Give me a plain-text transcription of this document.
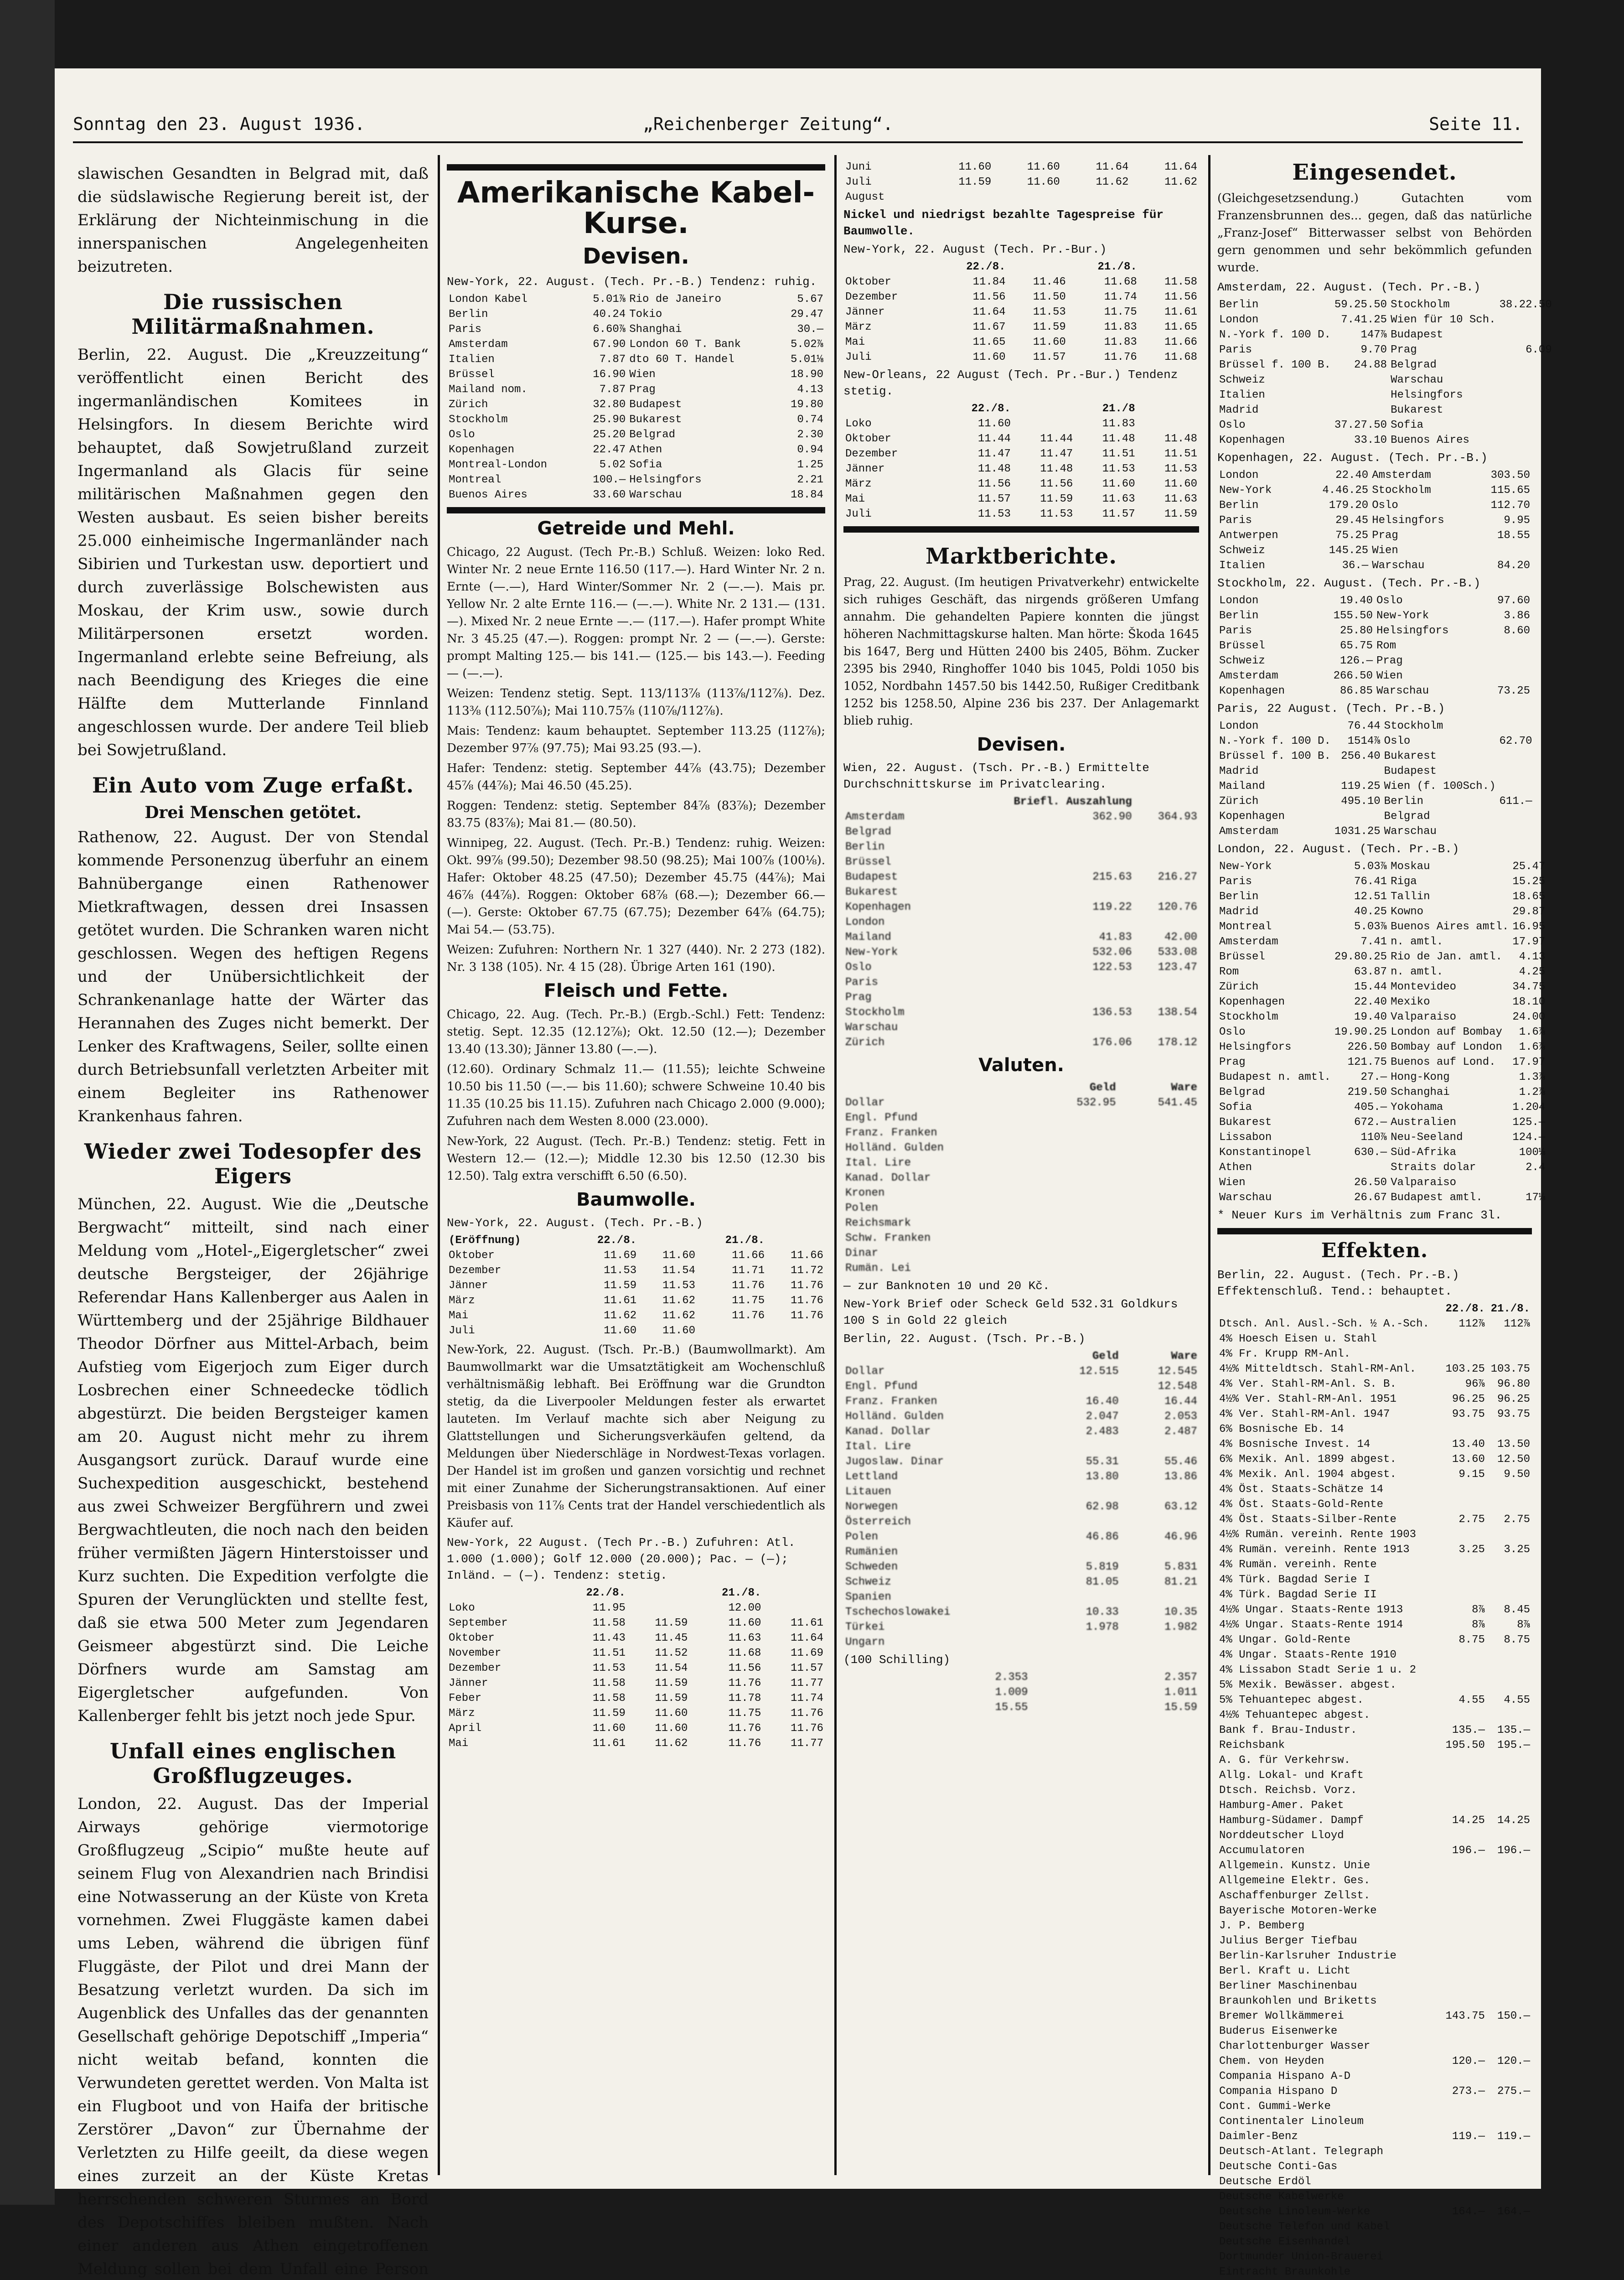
Sonntag den 23. August 1936.	„Reichenberger Zeitung“.	Seite 11.

slawischen Gesandten in Belgrad mit, daß die südslawische Regierung bereit ist, der Erklärung der Nichteinmischung in die innerspanischen Angelegenheiten beizutreten.

Die russischen Militärmaßnahmen.

Berlin, 22. August. Die „Kreuzzeitung“ veröffentlicht einen Bericht des ingermanländischen Komitees in Helsingfors. In diesem Berichte wird behauptet, daß Sowjetrußland zurzeit Ingermanland als Glacis für seine militärischen Maßnahmen gegen den Westen ausbaut. Es seien bisher bereits 25.000 einheimische Ingermanländer nach Sibirien und Turkestan usw. deportiert und durch zuverlässige Bolschewisten aus Moskau, der Krim usw., sowie durch Militärpersonen ersetzt worden. Ingermanland erlebte seine Befreiung, als nach Beendigung des Krieges die eine Hälfte dem Mutterlande Finnland angeschlossen wurde. Der andere Teil blieb bei Sowjetrußland.

Ein Auto vom Zuge erfaßt.
Drei Menschen getötet.

Rathenow, 22. August. Der von Stendal kommende Personenzug überfuhr an einem Bahnübergange einen Rathenower Mietkraftwagen, dessen drei Insassen getötet wurden. Die Schranken waren nicht geschlossen. Wegen des heftigen Regens und der Unübersichtlichkeit der Schrankenanlage hatte der Wärter das Herannahen des Zuges nicht bemerkt. Der Lenker des Kraftwagens, Seiler, sollte einen durch Betriebsunfall verletzten Arbeiter mit einem Begleiter ins Rathenower Krankenhaus fahren.

Wieder zwei Todesopfer des Eigers

München, 22. August. Wie die „Deutsche Bergwacht“ mitteilt, sind nach einer Meldung vom „Hotel-„Eigergletscher“ zwei deutsche Bergsteiger, der 26jährige Referendar Hans Kallenberger aus Aalen in Württemberg und der 25jährige Bildhauer Theodor Dörfner aus Mittel-Arbach, beim Aufstieg vom Eigerjoch zum Eiger durch Losbrechen einer Schneedecke tödlich abgestürzt. Die beiden Bergsteiger kamen am 20. August nicht mehr zu ihrem Ausgangsort zurück. Darauf wurde eine Suchexpedition ausgeschickt, bestehend aus zwei Schweizer Bergführern und zwei Bergwachtleuten, die noch nach den beiden früher vermißten Jägern Hinterstoisser und Kurz suchten. Die Expedition verfolgte die Spuren der Verunglückten und stellte fest, daß sie etwa 500 Meter zum Jegendaren Geismeer abgestürzt sind. Die Leiche Dörfners wurde am Samstag am Eigergletscher aufgefunden. Von Kallenberger fehlt bis jetzt noch jede Spur.

Unfall eines englischen Großflugzeuges.

London, 22. August. Das der Imperial Airways gehörige viermotorige Großflugzeug „Scipio“ mußte heute auf seinem Flug von Alexandrien nach Brindisi eine Notwasserung an der Küste von Kreta vornehmen. Zwei Fluggäste kamen dabei ums Leben, während die übrigen fünf Fluggäste, der Pilot und drei Mann der Besatzung verletzt wurden. Da sich im Augenblick des Unfalles das der genannten Gesellschaft gehörige Depotschiff „Imperia“ nicht weitab befand, konnten die Verwundeten gerettet werden. Von Malta ist ein Flugboot und von Haifa der britische Zerstörer „Davon“ zur Übernahme der Verletzten zu Hilfe geeilt, da diese wegen eines zurzeit an der Küste Kretas herrschenden schweren Sturmes an Bord des Depotschiffes bleiben mußten. Nach einer anderen aus Athen eingetroffenen Meldung sollen bei dem Unfall eine Person

Amerikanische Kabel-Kurse.
Devisen.
New-York, 22. August. (Tech. Pr.-B.) Tendenz: ruhig.
London Kabel	5.01⅞	Rio de Janeiro	5.67
Berlin	40.24	Tokio	29.47
Paris	6.60⅞	Shanghai	30.—
Amsterdam	67.90	London 60 T. Bank	5.02⅞
Italien	7.87	dto 60 T. Handel	5.01⅛
Brüssel	16.90	Wien	18.90
Mailand nom.	7.87	Prag	4.13
Zürich	32.80	Budapest	19.80
Stockholm	25.90	Bukarest	0.74
Oslo	25.20	Belgrad	2.30
Kopenhagen	22.47	Athen	0.94
Montreal-London	5.02	Sofia	1.25
Montreal	100.—	Helsingfors	2.21
Buenos Aires	33.60	Warschau	18.84
Getreide und Mehl.

Chicago, 22 August. (Tech Pr.-B.) Schluß. Weizen: loko Red. Winter Nr. 2 neue Ernte 116.50 (117.—). Hard Winter Nr. 2 n. Ernte (—.—), Hard Winter/Sommer Nr. 2 (—.—). Mais pr. Yellow Nr. 2 alte Ernte 116.— (—.—). White Nr. 2 131.— (131.—). Mixed Nr. 2 neue Ernte —.— (117.—). Hafer prompt White Nr. 3 45.25 (47.—). Roggen: prompt Nr. 2 — (—.—). Gerste: prompt Malting 125.— bis 141.— (125.— bis 143.—). Feeding — (—.—).

Weizen: Tendenz stetig. Sept. 113/113⅞ (113⅞/112⅞). Dez. 113⅜ (112.50⅞); Mai 110.75⅞ (110⅞/112⅞).

Mais: Tendenz: kaum behauptet. September 113.25 (112⅞); Dezember 97⅞ (97.75); Mai 93.25 (93.—).

Hafer: Tendenz: stetig. September 44⅞ (43.75); Dezember 45⅞ (44⅞); Mai 46.50 (45.25).

Roggen: Tendenz: stetig. September 84⅞ (83⅞); Dezember 83.75 (83⅞); Mai 81.— (80.50).

Winnipeg, 22. August. (Tech. Pr.-B.) Tendenz: ruhig. Weizen: Okt. 99⅞ (99.50); Dezember 98.50 (98.25); Mai 100⅞ (100⅛). Hafer: Oktober 48.25 (47.50); Dezember 45.75 (44⅞); Mai 46⅞ (44⅞). Roggen: Oktober 68⅞ (68.—); Dezember 66.— (—). Gerste: Oktober 67.75 (67.75); Dezember 64⅞ (64.75); Mai 54.— (53.75).

Weizen: Zufuhren: Northern Nr. 1 327 (440). Nr. 2 273 (182). Nr. 3 138 (105). Nr. 4 15 (28). Übrige Arten 161 (190).

Fleisch und Fette.

Chicago, 22. Aug. (Tech. Pr.-B.) (Ergb.-Schl.) Fett: Tendenz: stetig. Sept. 12.35 (12.12⅞); Okt. 12.50 (12.—); Dezember 13.40 (13.30); Jänner 13.80 (—.—).

(12.60). Ordinary Schmalz 11.— (11.55); leichte Schweine 10.50 bis 11.50 (—.— bis 11.60); schwere Schweine 10.40 bis 11.35 (10.25 bis 11.15). Zufuhren nach Chicago 2.000 (9.000); Zufuhren nach dem Westen 8.000 (23.000).

New-York, 22 August. (Tech. Pr.-B.) Tendenz: stetig. Fett in Western 12.— (12.—); Middle 12.30 bis 12.50 (12.30 bis 12.50). Talg extra verschifft 6.50 (6.50).

Baumwolle.
New-York, 22. August. (Tech. Pr.-B.)
(Eröffnung)	22./8.		21./8.	
Oktober	11.69	11.60	11.66	11.66
Dezember	11.53	11.54	11.71	11.72
Jänner	11.59	11.53	11.76	11.76
März	11.61	11.62	11.75	11.76
Mai	11.62	11.62	11.76	11.76
Juli	11.60	11.60		

New-York, 22. August. (Tsch. Pr.-B.) (Baumwollmarkt). Am Baumwollmarkt war die Umsatztätigkeit am Wochenschluß verhältnismäßig lebhaft. Bei Eröffnung war die Grundton stetig, da die Liverpooler Meldungen fester als erwartet lauteten. Im Verlauf machte sich aber Neigung zu Glattstellungen und Sicherungsverkäufen geltend, da Meldungen über Niederschläge in Nordwest-Texas vorlagen. Der Handel ist im großen und ganzen vorsichtig und rechnet mit einer Zunahme der Sicherungstransaktionen. Auf einer Preisbasis von 11⅞ Cents trat der Handel verschiedentlich als Käufer auf.

New-York, 22 August. (Tech Pr.-B.) Zufuhren: Atl. 1.000 (1.000); Golf 12.000 (20.000); Pac. — (—); Inländ. — (—). Tendenz: stetig.
	22./8.		21./8.	
Loko	11.95		12.00	
September	11.58	11.59	11.60	11.61
Oktober	11.43	11.45	11.63	11.64
November	11.51	11.52	11.68	11.69
Dezember	11.53	11.54	11.56	11.57
Jänner	11.58	11.59	11.76	11.77
Feber	11.58	11.59	11.78	11.74
März	11.59	11.60	11.75	11.76
April	11.60	11.60	11.76	11.76
Mai	11.61	11.62	11.76	11.77
Juni	11.60	11.60	11.64	11.64
Juli	11.59	11.60	11.62	11.62
August				
Nickel und niedrigst bezahlte Tagespreise für Baumwolle.
New-York, 22. August (Tech. Pr.-Bur.)
	22./8.		21./8.	
Oktober	11.84	11.46	11.68	11.58
Dezember	11.56	11.50	11.74	11.56
Jänner	11.64	11.53	11.75	11.61
März	11.67	11.59	11.83	11.65
Mai	11.65	11.60	11.83	11.66
Juli	11.60	11.57	11.76	11.68
New-Orleans, 22 August (Tech. Pr.-Bur.) Tendenz stetig.
	22./8.		21./8	
Loko	11.60		11.83	
Oktober	11.44	11.44	11.48	11.48
Dezember	11.47	11.47	11.51	11.51
Jänner	11.48	11.48	11.53	11.53
März	11.56	11.56	11.60	11.60
Mai	11.57	11.59	11.63	11.63
Juli	11.53	11.53	11.57	11.59
Marktberichte.

Prag, 22. August. (Im heutigen Privatverkehr) entwickelte sich ruhiges Geschäft, das nirgends größeren Umfang annahm. Die gehandelten Papiere konnten die jüngst höheren Nachmittagskurse halten. Man hörte: Škoda 1645 bis 1647, Berg und Hütten 2400 bis 2405, Böhm. Zucker 2395 bis 2940, Ringhoffer 1040 bis 1045, Poldi 1050 bis 1052, Nordbahn 1457.50 bis 1442.50, Rußiger Creditbank 1252 bis 1258.50, Alpine 236 bis 237. Der Anlagemarkt blieb ruhig.

Devisen.
Wien, 22. August. (Tsch. Pr.-B.) Ermittelte Durchschnittskurse im Privatclearing.
	Briefl. Auszahlung	
Amsterdam	362.90	364.93
Belgrad		
Berlin		
Brüssel		
Budapest	215.63	216.27
Bukarest		
Kopenhagen	119.22	120.76
London		
Mailand	41.83	42.00
New-York	532.06	533.08
Oslo	122.53	123.47
Paris		
Prag		
Stockholm	136.53	138.54
Warschau		
Zürich	176.06	178.12
Valuten.
	Geld	Ware
Dollar	532.95	541.45
Engl. Pfund		
Franz. Franken		
Holländ. Gulden		
Ital. Lire		
Kanad. Dollar		
Kronen		
Polen		
Reichsmark		
Schw. Franken		
Dinar		
Rumän. Lei		
— zur Banknoten 10 und 20 Kč.
New-York Brief oder Scheck Geld 532.31 Goldkurs 100 S in Gold 22 gleich
Berlin, 22. August. (Tsch. Pr.-B.)
	Geld	Ware
Dollar	12.515	12.545
Engl. Pfund		12.548
Franz. Franken	16.40	16.44
Holländ. Gulden	2.047	2.053
Kanad. Dollar	2.483	2.487
Ital. Lire		
Jugoslaw. Dinar	55.31	55.46
Lettland	13.80	13.86
Litauen		
Norwegen	62.98	63.12
Österreich		
Polen	46.86	46.96
Rumänien		
Schweden	5.819	5.831
Schweiz	81.05	81.21
Spanien		
Tschechoslowakei	10.33	10.35
Türkei	1.978	1.982
Ungarn		
(100 Schilling)
	2.353	2.357
	1.009	1.011
	15.55	15.59
Eingesendet.

(Gleichgesetzsendung.) Gutachten vom Franzensbrunnen des... gegen, daß das natürliche „Franz-Josef“ Bitterwasser selbst von Behörden gern genommen und sehr bekömmlich gefunden wurde.

Amsterdam, 22. August. (Tech. Pr.-B.)
Berlin	59.25.50	Stockholm	38.22.50
London	7.41.25	Wien für 10 Sch.	
N.-York f. 100 D.	147⅞	Budapest	
Paris	9.70	Prag	6.09
Brüssel f. 100 B.	24.88	Belgrad	
Schweiz		Warschau	
Italien		Helsingfors	
Madrid		Bukarest	
Oslo	37.27.50	Sofia	
Kopenhagen	33.10	Buenos Aires	
Kopenhagen, 22. August. (Tech. Pr.-B.)
London	22.40	Amsterdam	303.50
New-York	4.46.25	Stockholm	115.65
Berlin	179.20	Oslo	112.70
Paris	29.45	Helsingfors	9.95
Antwerpen	75.25	Prag	18.55
Schweiz	145.25	Wien	
Italien	36.—	Warschau	84.20
Stockholm, 22. August. (Tech. Pr.-B.)
London	19.40	Oslo	97.60
Berlin	155.50	New-York	3.86
Paris	25.80	Helsingfors	8.60
Brüssel	65.75	Rom	
Schweiz	126.—	Prag	
Amsterdam	266.50	Wien	
Kopenhagen	86.85	Warschau	73.25
Paris, 22 August. (Tech. Pr.-B.)
London	76.44	Stockholm	
N.-York f. 100 D.	1514⅞	Oslo	62.70
Brüssel f. 100 B.	256.40	Bukarest	
Madrid		Budapest	
Mailand	119.25	Wien (f. 100Sch.)	
Zürich	495.10	Berlin	611.—
Kopenhagen		Belgrad	
Amsterdam	1031.25	Warschau	
London, 22. August. (Tech. Pr.-B.)
New-York	5.03⅞	Moskau	25.47
Paris	76.41	Riga	15.25
Berlin	12.51	Tallin	18.65
Madrid	40.25	Kowno	29.87
Montreal	5.03⅞	Buenos Aires amtl.	16.95
Amsterdam	7.41	n. amtl.	17.97
Brüssel	29.80.25	Rio de Jan. amtl.	4.13
Rom	63.87	n. amtl.	4.25
Zürich	15.44	Montevideo	34.75
Kopenhagen	22.40	Mexiko	18.10
Stockholm	19.40	Valparaiso	24.00
Oslo	19.90.25	London auf Bombay	1.6⅞
Helsingfors	226.50	Bombay auf London	1.6⅞
Prag	121.75	Buenos auf Lond.	17.97
Budapest n. amtl.	27.—	Hong-Kong	1.3⅞
Belgrad	219.50	Schanghai	1.2⅞
Sofia	405.—	Yokohama	1.204
Bukarest	672.—	Australien	125.—
Lissabon	110⅞	Neu-Seeland	124.—
Konstantinopel	630.—	Süd-Afrika	100⅛
Athen		Straits dolar	2.4
Wien	26.50	Valparaiso	
Warschau	26.67	Budapest amtl.	17⅛
* Neuer Kurs im Verhältnis zum Franc 3l.
Effekten.
Berlin, 22. August. (Tech. Pr.-B.) Effektenschluß. Tend.: behauptet.
	22./8.	21./8.
Dtsch. Anl. Ausl.-Sch. ½ A.-Sch.	112⅞	112⅞
4% Hoesch Eisen u. Stahl		
4% Fr. Krupp RM-Anl.		
4½% Mitteldtsch. Stahl-RM-Anl.	103.25	103.75
4% Ver. Stahl-RM-Anl. S. B.	96⅞	96.80
4½% Ver. Stahl-RM-Anl. 1951	96.25	96.25
4% Ver. Stahl-RM-Anl. 1947	93.75	93.75
6% Bosnische Eb. 14		
4% Bosnische Invest. 14	13.40	13.50
6% Mexik. Anl. 1899 abgest.	13.60	12.50
4% Mexik. Anl. 1904 abgest.	9.15	9.50
4% Öst. Staats-Schätze 14		
4% Öst. Staats-Gold-Rente		
4% Öst. Staats-Silber-Rente	2.75	2.75
4½% Rumän. vereinh. Rente 1903		
4% Rumän. vereinh. Rente 1913	3.25	3.25
4% Rumän. vereinh. Rente		
4% Türk. Bagdad Serie I		
4% Türk. Bagdad Serie II		
4½% Ungar. Staats-Rente 1913	8⅞	8.45
4½% Ungar. Staats-Rente 1914	8⅞	8⅞
4% Ungar. Gold-Rente	8.75	8.75
4% Ungar. Staats-Rente 1910		
4% Lissabon Stadt Serie 1 u. 2		
5% Mexik. Bewässer. abgest.		
5% Tehuantepec abgest.	4.55	4.55
4½% Tehuantepec abgest.		
Bank f. Brau-Industr.	135.—	135.—
Reichsbank	195.50	195.—
A. G. für Verkehrsw.		
Allg. Lokal- und Kraft		
Dtsch. Reichsb. Vorz.		
Hamburg-Amer. Paket		
Hamburg-Südamer. Dampf	14.25	14.25
Norddeutscher Lloyd		
Accumulatoren	196.—	196.—
Allgemein. Kunstz. Unie		
Allgemeine Elektr. Ges.		
Aschaffenburger Zellst.		
Bayerische Motoren-Werke		
J. P. Bemberg		
Julius Berger Tiefbau		
Berlin-Karlsruher Industrie		
Berl. Kraft u. Licht		
Berliner Maschinenbau		
Braunkohlen und Briketts		
Bremer Wollkämmerei	143.75	150.—
Buderus Eisenwerke		
Charlottenburger Wasser		
Chem. von Heyden	120.—	120.—
Compania Hispano A-D		
Compania Hispano D	273.—	275.—
Cont. Gummi-Werke		
Continentaler Linoleum		
Daimler-Benz	119.—	119.—
Deutsch-Atlant. Telegraph		
Deutsche Conti-Gas		
Deutsche Erdöl		
Deutsche Kabelwerke		
Deutsche Linoleum-Werke	164.—	164.—
Deutsche Telefon und Kabel		
Deutsche Eisenhandel		
Dortmunder Union-Brauerei		
Eintracht Braunkohle		
